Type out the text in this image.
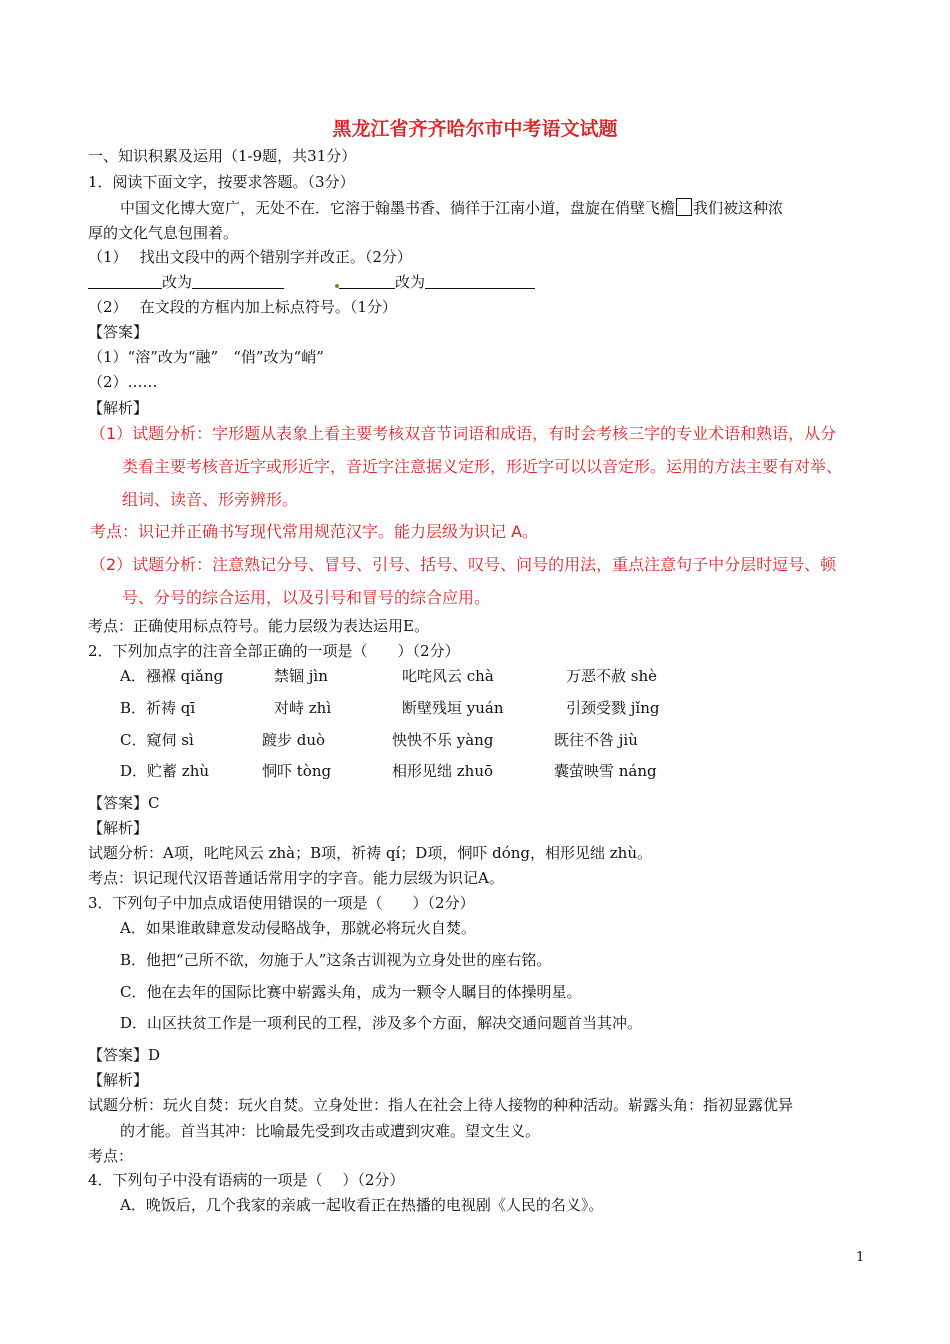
黑龙江省齐齐哈尔市中考语文试题
一、知识积累及运用（1-9题，共31分）
1．阅读下面文字，按要求答题。（3分）
中国文化博大宽广，无处不在．它溶于翰墨书香、徜徉于江南小道，盘旋在俏壁飞檐 我们被这种浓
厚的文化气息包围着。
（1）　 找出文段中的两个错别字并改正。（2分）
改为	改为
（2）　 在文段的方框内加上标点符号。（1分）
【答案】
（1）“溶”改为“融”　“俏”改为“峭”
（2）……
【解析】
（1）试题分析：字形题从表象上看主要考核双音节词语和成语，有时会考核三字的专业术语和熟语，从分
类看主要考核音近字或形近字，音近字注意据义定形，形近字可以以音定形。运用的方法主要有对举、
组词、读音、形旁辨形。
考点：识记并正确书写现代常用规范汉字。能力层级为识记 A。
（2）试题分析：注意熟记分号、冒号、引号、括号、叹号、问号的用法，重点注意句子中分层时逗号、顿
号、分号的综合运用，以及引号和冒号的综合应用。
考点：正确使用标点符号。能力层级为表达运用E。
2．下列加点字的注音全部正确的一项是（　　）（2分）
A．襁褓 qiǎng	禁锢 jìn	叱咤风云 chà	万恶不赦 shè
B．祈祷 qī	对峙 zhì	断壁残垣 yuán	引颈受戮 jǐng
C．窥伺 sì	踱步 duò	怏怏不乐 yàng	既往不咎 jiù
D．贮蓄 zhù	恫吓 tòng	相形见绌 zhuō	囊萤映雪 náng
【答案】C
【解析】
试题分析：A项，叱咤风云 zhà；B项，祈祷 qí；D项，恫吓 dóng，相形见绌 zhù。
考点：识记现代汉语普通话常用字的字音。能力层级为识记A。
3．下列句子中加点成语使用错误的一项是（　　）（2分）
A．如果谁敢肆意发动侵略战争，那就必将玩火自焚。
B．他把“己所不欲，勿施于人”这条古训视为立身处世的座右铭。
C．他在去年的国际比赛中崭露头角，成为一颗令人瞩目的体操明星。
D．山区扶贫工作是一项利民的工程，涉及多个方面，解决交通问题首当其冲。
【答案】D
【解析】
试题分析：玩火自焚：玩火自焚。立身处世：指人在社会上待人接物的种种活动。崭露头角：指初显露优异
的才能。首当其冲：比喻最先受到攻击或遭到灾难。望文生义。
考点：
4．下列句子中没有语病的一项是（　 ）（2分）
A．晚饭后，几个我家的亲戚一起收看正在热播的电视剧《人民的名义》。
1
